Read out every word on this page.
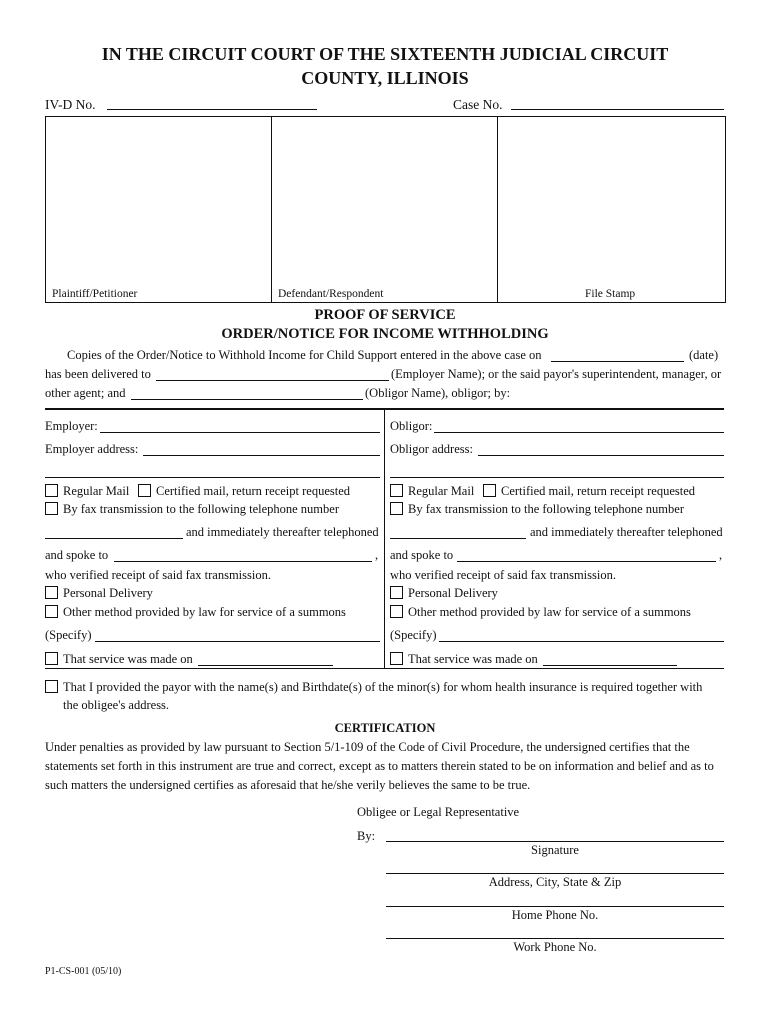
IN THE CIRCUIT COURT OF THE SIXTEENTH JUDICIAL CIRCUIT
COUNTY, ILLINOIS
IV-D No.	Case No.
Plaintiff/Petitioner	Defendant/Respondent	File Stamp
PROOF OF SERVICE
ORDER/NOTICE FOR INCOME WITHHOLDING
Copies of the Order/Notice to Withhold Income for Child Support entered in the above case on	(date)
has been delivered to	(Employer Name); or the said payor's superintendent, manager, or
other agent; and	(Obligor Name), obligor; by:
Employer:
Employer address:
Regular Mail Certified mail, return receipt requested
By fax transmission to the following telephone number
and immediately thereafter telephoned
and spoke to	,
who verified receipt of said fax transmission.
Personal Delivery
Other method provided by law for service of a summons
(Specify)
That service was made on
Obligor:
Obligor address:
Regular Mail Certified mail, return receipt requested
By fax transmission to the following telephone number
and immediately thereafter telephoned
and spoke to	,
who verified receipt of said fax transmission.
Personal Delivery
Other method provided by law for service of a summons
(Specify)
That service was made on
That I provided the payor with the name(s) and Birthdate(s) of the minor(s) for whom health insurance is required together with
the obligee's address.
CERTIFICATION
Under penalties as provided by law pursuant to Section 5/1-109 of the Code of Civil Procedure, the undersigned certifies that the
statements set forth in this instrument are true and correct, except as to matters therein stated to be on information and belief and as to
such matters the undersigned certifies as aforesaid that he/she verily believes the same to be true.
Obligee or Legal Representative
By:
Signature
Address, City, State & Zip
Home Phone No.
Work Phone No.
P1-CS-001 (05/10)
